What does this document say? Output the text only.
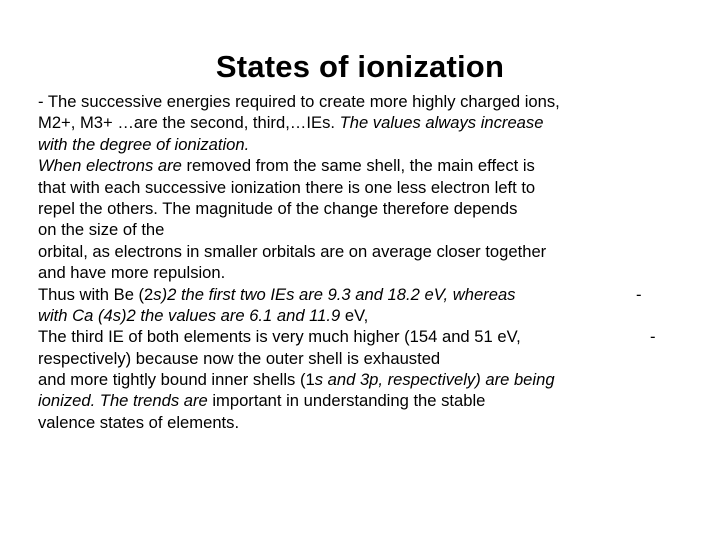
States of ionization
- The successive energies required to create more highly charged ions,
M2+, M3+ …are the second, third,…IEs. The values always increase
with the degree of ionization.
When electrons are removed from the same shell, the main effect is
that with each successive ionization there is one less electron left to
repel the others. The magnitude of the change therefore depends
on the size of the
orbital, as electrons in smaller orbitals are on average closer together
and have more repulsion.
Thus with Be (2s)2 the first two IEs are 9.3 and 18.2 eV, whereas	-
with Ca (4s)2 the values are 6.1 and 11.9 eV,
The third IE of both elements is very much higher (154 and 51 eV,	-
respectively) because now the outer shell is exhausted
and more tightly bound inner shells (1s and 3p, respectively) are being
ionized. The trends are important in understanding the stable
valence states of elements.
